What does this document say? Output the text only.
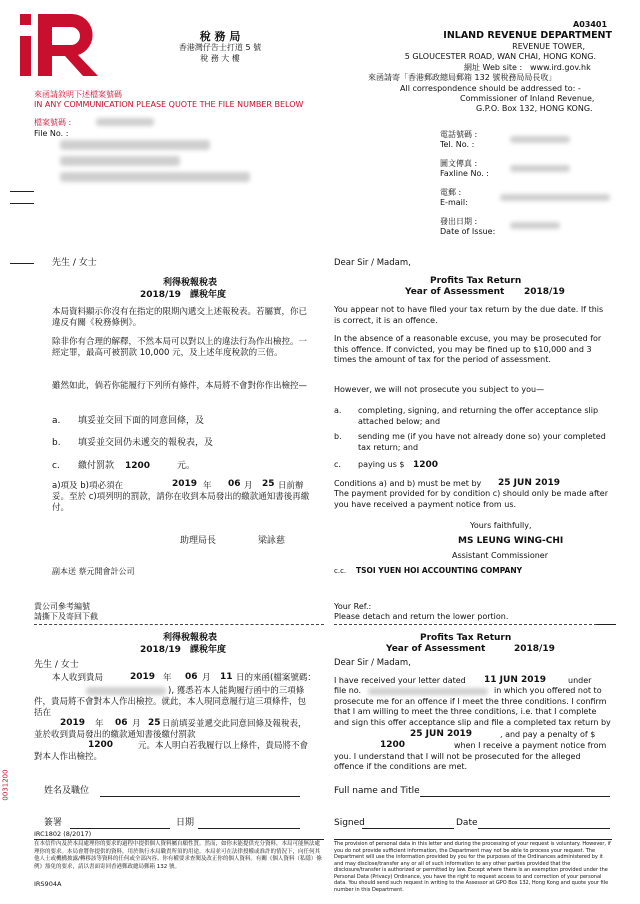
稅 務 局
香港灣仔告士打道 5 號
稅 務 大 樓
A03401
INLAND REVENUE DEPARTMENT
REVENUE TOWER,
5 GLOUCESTER ROAD, WAN CHAI, HONG KONG.
網址 Web site : www.ird.gov.hk
來函請寄「香港郵政總局郵箱 132 號稅務局局長收」
All correspondence should be addressed to: -
Commissioner of Inland Revenue,
G.P.O. Box 132, HONG KONG.
來函請敘明下述檔案號碼
IN ANY COMMUNICATION PLEASE QUOTE THE FILE NUMBER BELOW
檔案號碼 :
File No. :	電話號碼 :
Tel. No. :
圖文傳真 :
Faxline No. :
電郵 :
E-mail:
發出日期 :
Date of Issue:
先生 / 女士
利得稅報稅表
2018/19 課稅年度
本局資料顯示你沒有在指定的限期內遞交上述報稅表。若屬實，你已違反有關《稅務條例》。
除非你有合理的解釋，不然本局可以對以上的違法行為作出檢控。一經定罪，最高可被罰款 10,000 元，及上述年度稅款的三倍。
雖然如此，倘若你能履行下列所有條件，本局將不會對你作出檢控—
a. 填妥並交回下面的同意回條，及
b. 填妥並交回仍未遞交的報稅表，及
c. 繳付罰款 1200	元。
a)項及 b)項必須在	2019 年 06 月 25 日前辦妥。至於 c)項列明的罰款，請你在收到本局發出的繳款通知書後再繳付。
助理局長	梁詠慈
副本送 蔡元開會計公司
Dear Sir / Madam,
Profits Tax Return
Year of Assessment 2018/19
You appear not to have filed your tax return by the due date. If this is correct, it is an offence.
In the absence of a reasonable excuse, you may be prosecuted for this offence. If convicted, you may be fined up to $10,000 and 3 times the amount of tax for the period of assessment.
However, we will not prosecute you subject to you—
a. completing, signing, and returning the offer acceptance slip attached below; and
b. sending me (if you have not already done so) your completed tax return; and
c. paying us $ 1200
Conditions a) and b) must be met by 25 JUN 2019
The payment provided for by condition c) should only be made after you have received a payment notice from us.
Yours faithfully,
MS LEUNG WING-CHI
Assistant Commissioner
c.c. TSOI YUEN HOI ACCOUNTING COMPANY
貴公司參考編號
請撕下及寄回下截
Your Ref.:
Please detach and return the lower portion.
利得稅報稅表
2018/19 課稅年度
先生 / 女士
本人收到貴局	2019 年 06 月 11 日的來函(檔案號碼：
), 獲悉若本人能夠履行函中的三項條件，貴局將不會對本人作出檢控。就此，本人現同意履行這三項條件，包括在
2019 年 06 月 25 日前填妥並遞交此同意回條及報稅表，並於收到貴局發出的繳款通知書後繳付罰款
1200	元。本人明白若我履行以上條件，貴局將不會對本人作出檢控。
姓名及職位
簽署	日期
Profits Tax Return
Year of Assessment	2018/19
Dear Sir / Madam,
I have received your letter dated 11 JUN 2019	under
file no.	in which you offered not to prosecute me for an offence if I meet the three conditions. I confirm that I am willing to meet the three conditions, i.e. that I complete and sign this offer acceptance slip and file a completed tax return by
25 JUN 2019	, and pay a penalty of $
1200	when I receive a payment notice from you. I understand that I will not be prosecuted for the alleged offence if the conditions are met.
Full name and Title
Signed	Date
IRC1802 (8/2017)
IRS904A
在本信件內及於本局處理你的要求的過程中提供個人資料屬自願性質。然而，如你未能提供充分資料，本局可能無法處理你的要求。本局會將你提供的資料，用於執行本局職責所須的用途。本局並可在法律授權或准許的情況下，向任何其他人士或機構披露/轉移該等資料的任何或全部內容。你有權要求查閱及改正你的個人資料。有關《個人資料（私隱）條例》豁免的要求，請以書面寄回香港郵政總局郵箱 132 號。
The provision of personal data in this letter and during the processing of your request is voluntary. However, if you do not provide sufficient information, the Department may not be able to process your request. The Department will use the information provided by you for the purposes of the Ordinances administered by it and may disclose/transfer any or all of such information to any other parties provided that the disclosure/transfer is authorized or permitted by law. Except where there is an exemption provided under the Personal Data (Privacy) Ordinance, you have the right to request access to and correction of your personal data. You should send such request in writing to the Assessor at GPO Box 132, Hong Kong and quote your file number in this Department.
0031200
